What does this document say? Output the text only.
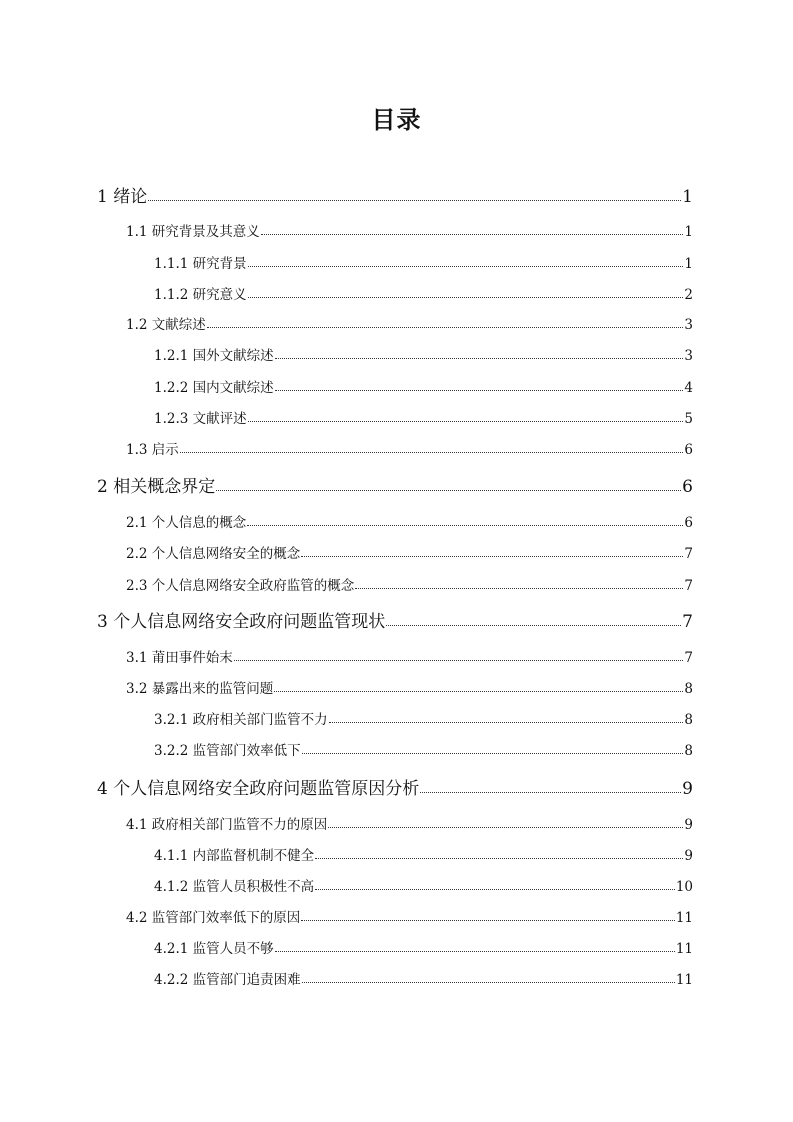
目录
1 绪论	1
1.1 研究背景及其意义	1
1.1.1 研究背景	1
1.1.2 研究意义	2
1.2 文献综述	3
1.2.1 国外文献综述	3
1.2.2 国内文献综述	4
1.2.3 文献评述	5
1.3 启示	6
2 相关概念界定	6
2.1 个人信息的概念	6
2.2 个人信息网络安全的概念	7
2.3 个人信息网络安全政府监管的概念	7
3 个人信息网络安全政府问题监管现状	7
3.1 莆田事件始末	7
3.2 暴露出来的监管问题	8
3.2.1 政府相关部门监管不力	8
3.2.2 监管部门效率低下	8
4 个人信息网络安全政府问题监管原因分析	9
4.1 政府相关部门监管不力的原因	9
4.1.1 内部监督机制不健全	9
4.1.2 监管人员积极性不高	10
4.2 监管部门效率低下的原因	11
4.2.1 监管人员不够	11
4.2.2 监管部门追责困难	11
